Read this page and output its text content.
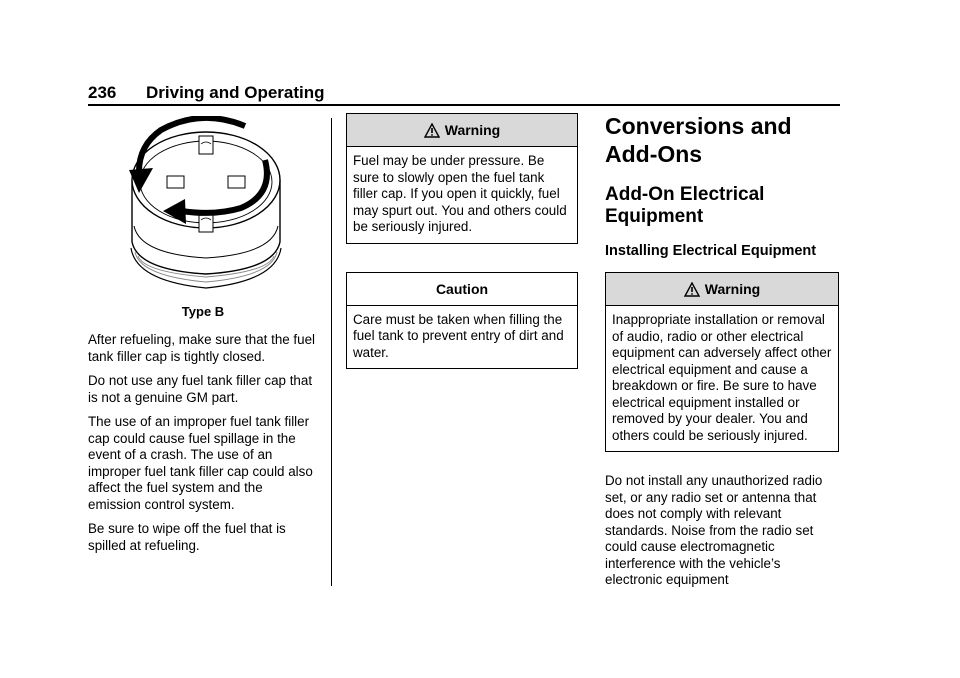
236 Driving and Operating
Type B

After refueling, make sure that the fuel tank filler cap is tightly closed.

Do not use any fuel tank filler cap that is not a genuine GM part.

The use of an improper fuel tank filler cap could cause fuel spillage in the event of a crash. The use of an improper fuel tank filler cap could also affect the fuel system and the emission control system.

Be sure to wipe off the fuel that is spilled at refueling.

Warning

Fuel may be under pressure. Be sure to slowly open the fuel tank filler cap. If you open it quickly, fuel may spurt out. You and others could be seriously injured.

Caution

Care must be taken when filling the fuel tank to prevent entry of dirt and water.

Conversions and Add-Ons
Add-On Electrical Equipment
Installing Electrical Equipment
Warning

Inappropriate installation or removal of audio, radio or other electrical equipment can adversely affect other electrical equipment and cause a breakdown or fire. Be sure to have electrical equipment installed or removed by your dealer. You and others could be seriously injured.

Do not install any unauthorized radio set, or any radio set or antenna that does not comply with relevant standards. Noise from the radio set could cause electromagnetic interference with the vehicle’s electronic equipment
